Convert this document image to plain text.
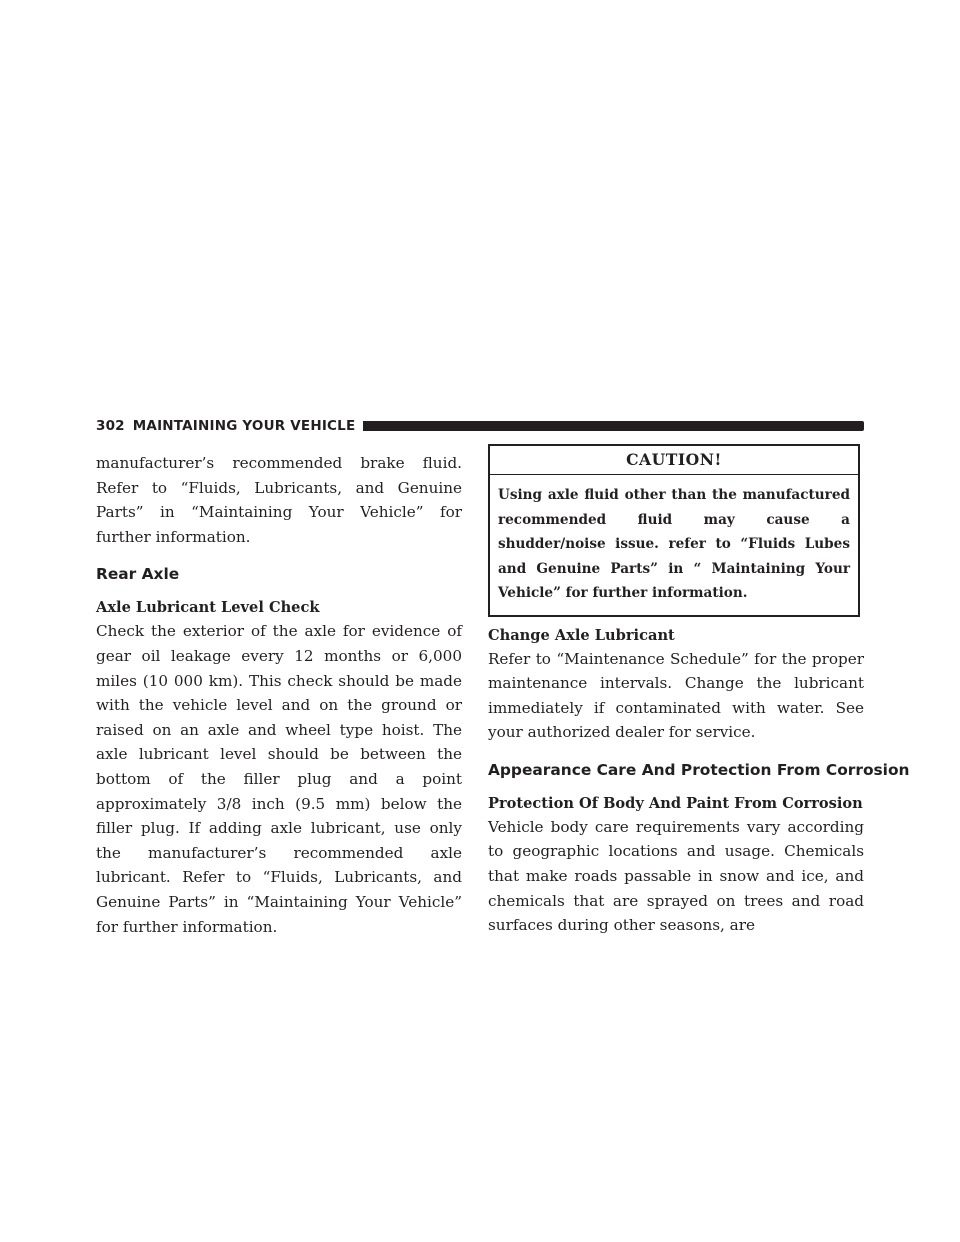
302 MAINTAINING YOUR VEHICLE

manufacturer’s recommended brake fluid. Refer to “Fluids, Lubricants, and Genuine Parts” in “Maintaining Your Vehicle” for further information.

Rear Axle
Axle Lubricant Level Check

Check the exterior of the axle for evidence of gear oil leakage every 12 months or 6,000 miles (10 000 km). This check should be made with the vehicle level and on the ground or raised on an axle and wheel type hoist. The axle lubricant level should be between the bottom of the filler plug and a point approximately 3/8 inch (9.5 mm) below the filler plug. If adding axle lubricant, use only the manufacturer’s recommended axle lubricant. Refer to “Fluids, Lubricants, and Genuine Parts” in “Maintaining Your Vehicle” for further information.

CAUTION!
Using axle fluid other than the manufactured recommended fluid may cause a shudder/noise issue. refer to “Fluids Lubes and Genuine Parts” in “ Maintaining Your Vehicle” for further information.
Change Axle Lubricant

Refer to “Maintenance Schedule” for the proper maintenance intervals. Change the lubricant immediately if contaminated with water. See your authorized dealer for service.

Appearance Care And Protection From Corrosion
Protection Of Body And Paint From Corrosion

Vehicle body care requirements vary according to geographic locations and usage. Chemicals that make roads passable in snow and ice, and chemicals that are sprayed on trees and road surfaces during other seasons, are
